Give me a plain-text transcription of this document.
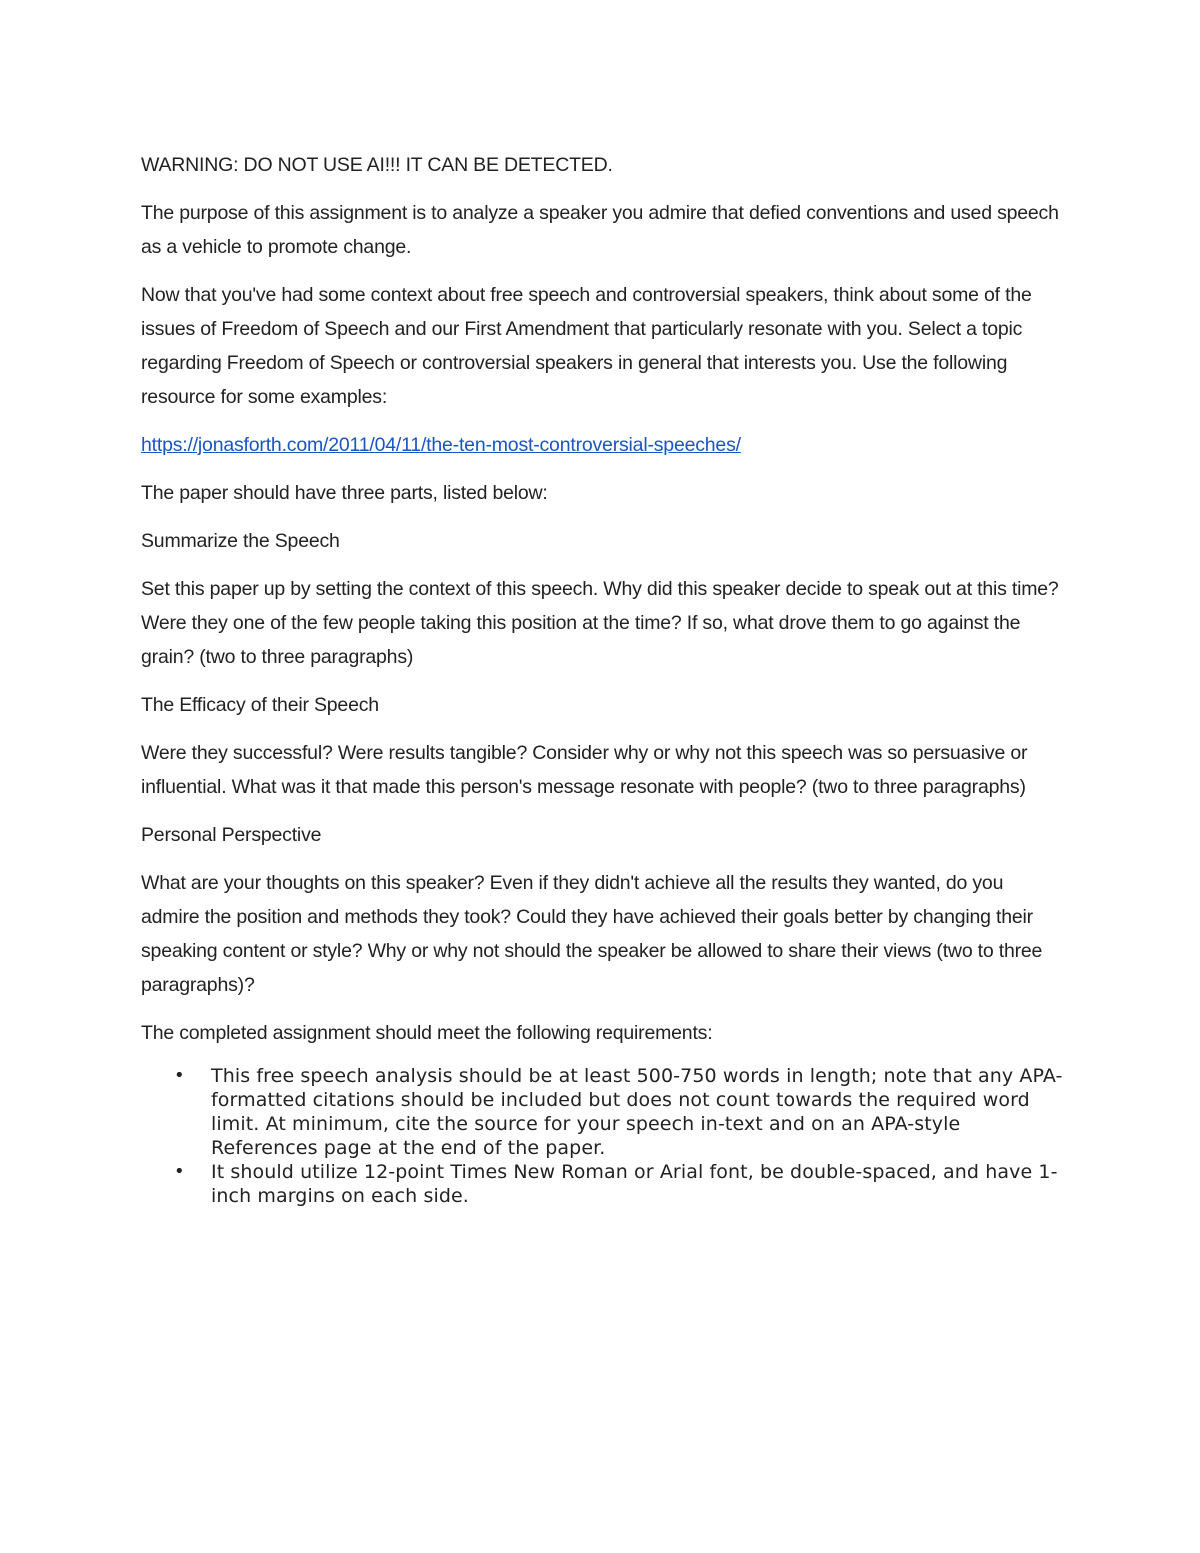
WARNING: DO NOT USE AI!!! IT CAN BE DETECTED.

The purpose of this assignment is to analyze a speaker you admire that defied conventions and used speech as a vehicle to promote change.

Now that you've had some context about free speech and controversial speakers, think about some of the issues of Freedom of Speech and our First Amendment that particularly resonate with you. Select a topic regarding Freedom of Speech or controversial speakers in general that interests you. Use the following resource for some examples:

https://jonasforth.com/2011/04/11/the-ten-most-controversial-speeches/

The paper should have three parts, listed below:

Summarize the Speech

Set this paper up by setting the context of this speech. Why did this speaker decide to speak out at this time? Were they one of the few people taking this position at the time? If so, what drove them to go against the grain? (two to three paragraphs)

The Efficacy of their Speech

Were they successful? Were results tangible? Consider why or why not this speech was so persuasive or influential. What was it that made this person's message resonate with people? (two to three paragraphs)

Personal Perspective

What are your thoughts on this speaker? Even if they didn't achieve all the results they wanted, do you admire the position and methods they took? Could they have achieved their goals better by changing their speaking content or style? Why or why not should the speaker be allowed to share their views (two to three paragraphs)?

The completed assignment should meet the following requirements:

• This free speech analysis should be at least 500-750 words in length; note that any APA-formatted citations should be included but does not count towards the required word limit. At minimum, cite the source for your speech in-text and on an APA-style References page at the end of the paper.
• It should utilize 12-point Times New Roman or Arial font, be double-spaced, and have 1-inch margins on each side.
